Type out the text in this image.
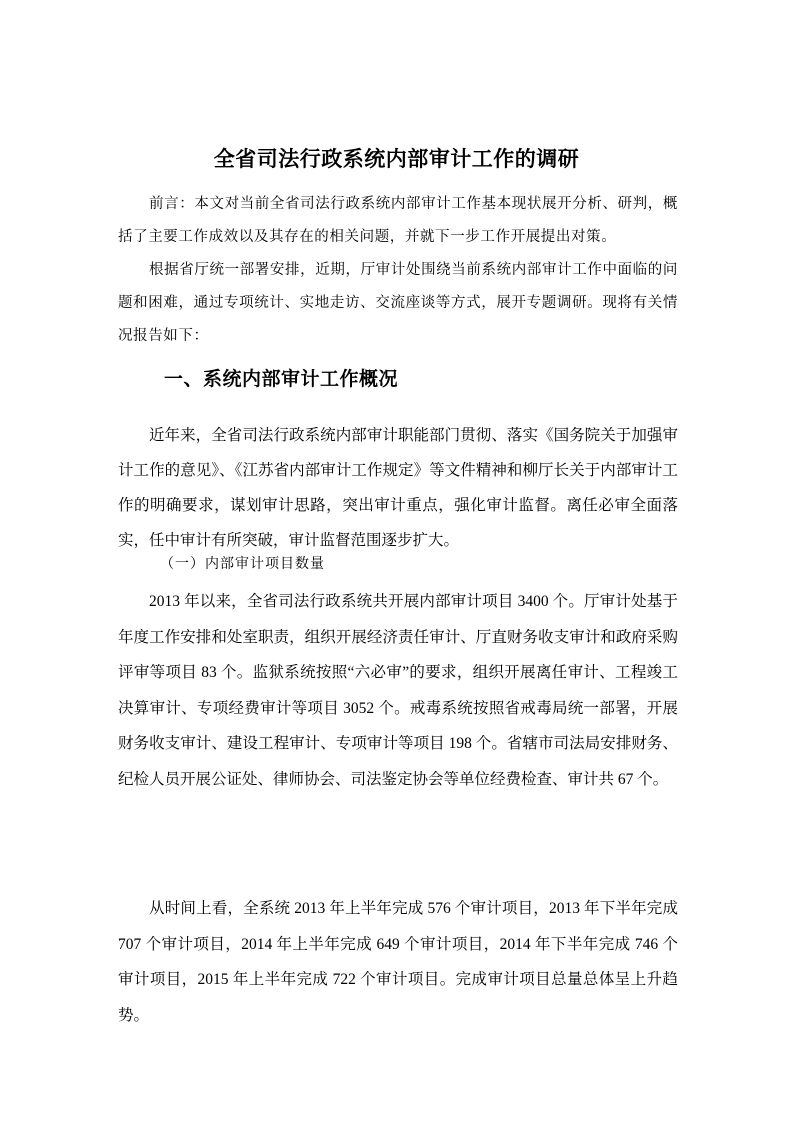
全省司法行政系统内部审计工作的调研

前言：本文对当前全省司法行政系统内部审计工作基本现状展开分析、研判，概括了主要工作成效以及其存在的相关问题，并就下一步工作开展提出对策。

根据省厅统一部署安排，近期，厅审计处围绕当前系统内部审计工作中面临的问题和困难，通过专项统计、实地走访、交流座谈等方式，展开专题调研。现将有关情况报告如下：

一、系统内部审计工作概况

近年来，全省司法行政系统内部审计职能部门贯彻、落实《国务院关于加强审计工作的意见》、《江苏省内部审计工作规定》等文件精神和柳厅长关于内部审计工作的明确要求，谋划审计思路，突出审计重点，强化审计监督。离任必审全面落实，任中审计有所突破，审计监督范围逐步扩大。

（一）内部审计项目数量

2013 年以来，全省司法行政系统共开展内部审计项目 3400 个。厅审计处基于年度工作安排和处室职责，组织开展经济责任审计、厅直财务收支审计和政府采购评审等项目 83 个。监狱系统按照“六必审”的要求，组织开展离任审计、工程竣工决算审计、专项经费审计等项目 3052 个。戒毒系统按照省戒毒局统一部署，开展财务收支审计、建设工程审计、专项审计等项目 198 个。省辖市司法局安排财务、纪检人员开展公证处、律师协会、司法鉴定协会等单位经费检查、审计共 67 个。

从时间上看，全系统 2013 年上半年完成 576 个审计项目，2013 年下半年完成 707 个审计项目，2014 年上半年完成 649 个审计项目，2014 年下半年完成 746 个审计项目，2015 年上半年完成 722 个审计项目。完成审计项目总量总体呈上升趋势。
